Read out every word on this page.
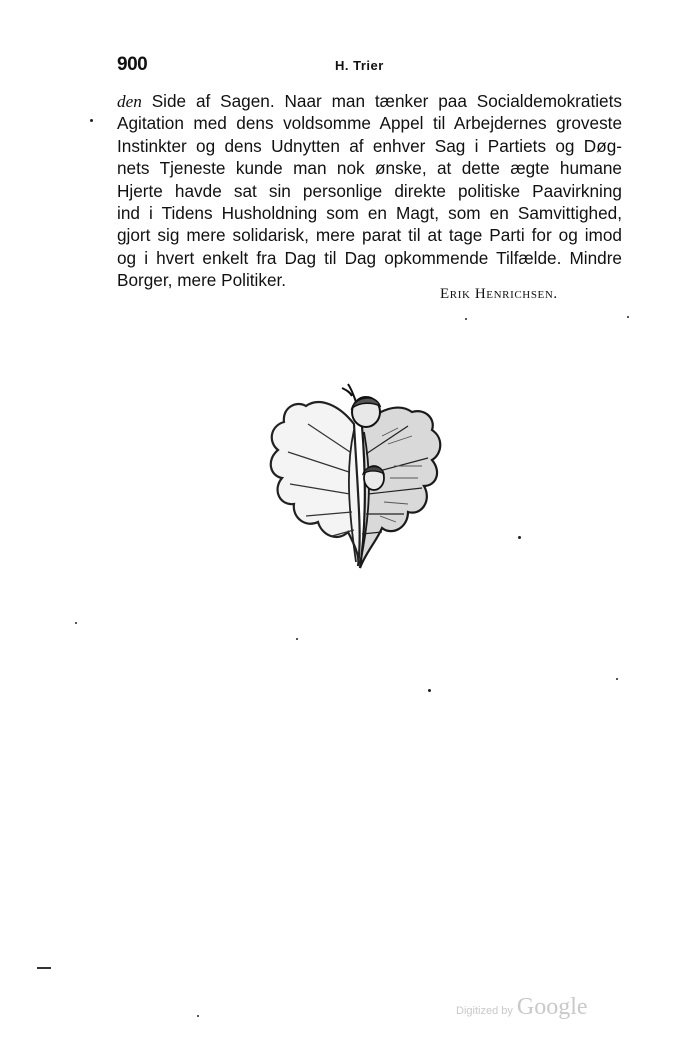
900	H. Trier
den Side af Sagen. Naar man tænker paa Socialdemokratiets
Agitation med dens voldsomme Appel til Arbejdernes groveste
Instinkter og dens Udnytten af enhver Sag i Partiets og Døg-
nets Tjeneste kunde man nok ønske, at dette ægte humane
Hjerte havde sat sin personlige direkte politiske Paavirkning
ind i Tidens Husholdning som en Magt, som en Samvittighed,
gjort sig mere solidarisk, mere parat til at tage Parti for og imod
og i hvert enkelt fra Dag til Dag opkommende Tilfælde. Mindre
Borger, mere Politiker.
Erik Henrichsen.
Digitized by Google
